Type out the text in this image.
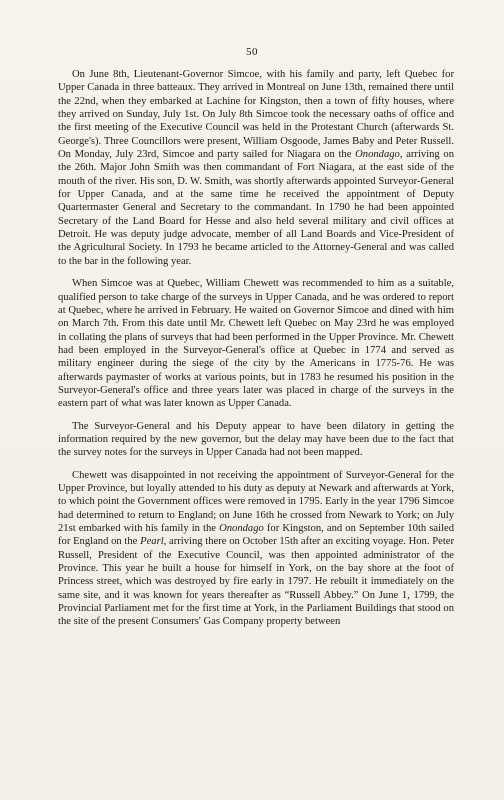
50

On June 8th, Lieutenant-Governor Simcoe, with his family and party, left Quebec for Upper Canada in three batteaux. They arrived in Montreal on June 13th, remained there until the 22nd, when they embarked at Lachine for Kingston, then a town of fifty houses, where they arrived on Sunday, July 1st. On July 8th Simcoe took the necessary oaths of office and the first meeting of the Executive Council was held in the Protestant Church (afterwards St. George's). Three Councillors were present, William Osgoode, James Baby and Peter Russell. On Monday, July 23rd, Simcoe and party sailed for Niagara on the Onondago, arriving on the 26th. Major John Smith was then commandant of Fort Niagara, at the east side of the mouth of the river. His son, D. W. Smith, was shortly afterwards appointed Surveyor-General for Upper Canada, and at the same time he received the appointment of Deputy Quartermaster General and Secretary to the commandant. In 1790 he had been appointed Secretary of the Land Board for Hesse and also held several military and civil offices at Detroit. He was deputy judge advocate, member of all Land Boards and Vice-President of the Agricultural Society. In 1793 he became articled to the Attorney-General and was called to the bar in the following year.

When Simcoe was at Quebec, William Chewett was recommended to him as a suitable, qualified person to take charge of the surveys in Upper Canada, and he was ordered to report at Quebec, where he arrived in February. He waited on Governor Simcoe and dined with him on March 7th. From this date until Mr. Chewett left Quebec on May 23rd he was employed in collating the plans of surveys that had been performed in the Upper Province. Mr. Chewett had been employed in the Surveyor-General's office at Quebec in 1774 and served as military engineer during the siege of the city by the Americans in 1775-76. He was afterwards paymaster of works at various points, but in 1783 he resumed his position in the Surveyor-General's office and three years later was placed in charge of the surveys in the eastern part of what was later known as Upper Canada.

The Surveyor-General and his Deputy appear to have been dilatory in getting the information required by the new governor, but the delay may have been due to the fact that the survey notes for the surveys in Upper Canada had not been mapped.

Chewett was disappointed in not receiving the appointment of Surveyor-General for the Upper Province, but loyally attended to his duty as deputy at Newark and afterwards at York, to which point the Government offices were removed in 1795. Early in the year 1796 Simcoe had determined to return to England; on June 16th he crossed from Newark to York; on July 21st embarked with his family in the Onondago for Kingston, and on September 10th sailed for England on the Pearl, arriving there on October 15th after an exciting voyage. Hon. Peter Russell, President of the Executive Council, was then appointed administrator of the Province. This year he built a house for himself in York, on the bay shore at the foot of Princess street, which was destroyed by fire early in 1797. He rebuilt it immediately on the same site, and it was known for years thereafter as “Russell Abbey.” On June 1, 1799, the Provincial Parliament met for the first time at York, in the Parliament Buildings that stood on the site of the present Consumers' Gas Company property between
